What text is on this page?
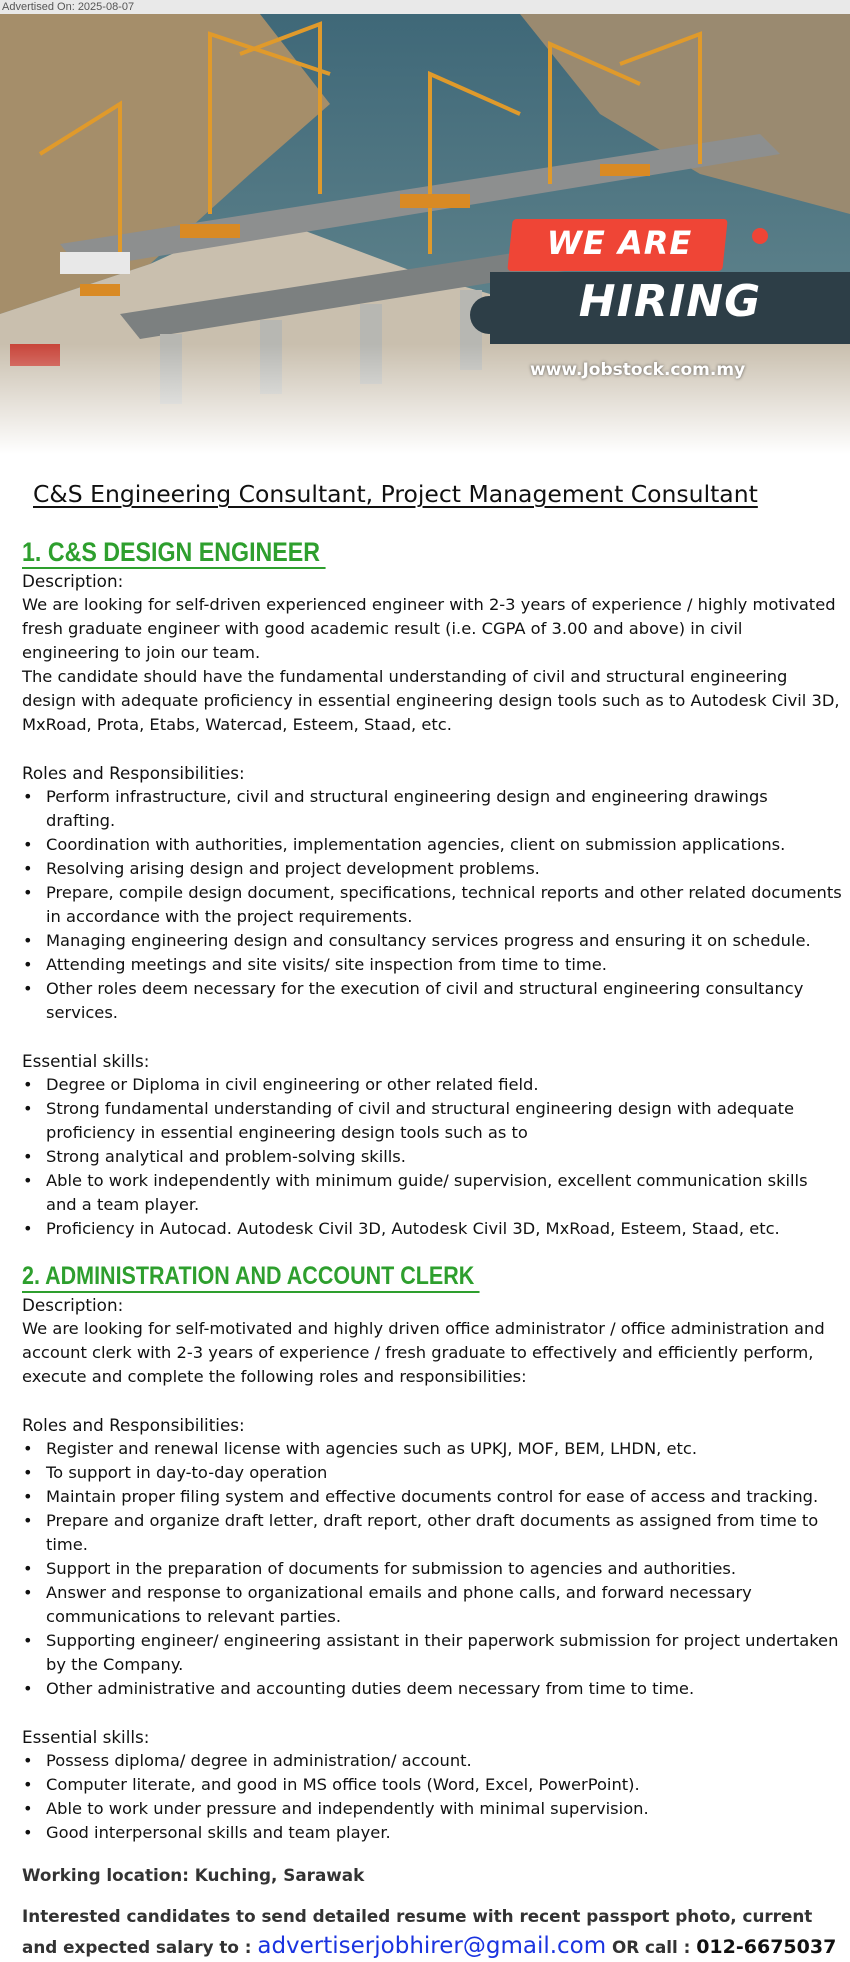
Advertised On: 2025-08-07
WE ARE
HIRING
www.Jobstock.com.my
C&S Engineering Consultant, Project Management Consultant
1. C&S DESIGN ENGINEER
Description:

We are looking for self-driven experienced engineer with 2-3 years of experience / highly motivated fresh graduate engineer with good academic result (i.e. CGPA of 3.00 and above) in civil engineering to join our team.

The candidate should have the fundamental understanding of civil and structural engineering design with adequate proficiency in essential engineering design tools such as to Autodesk Civil 3D, MxRoad, Prota, Etabs, Watercad, Esteem, Staad, etc.

Roles and Responsibilities:
• Perform infrastructure, civil and structural engineering design and engineering drawings drafting.
• Coordination with authorities, implementation agencies, client on submission applications.
• Resolving arising design and project development problems.
• Prepare, compile design document, specifications, technical reports and other related documents in accordance with the project requirements.
• Managing engineering design and consultancy services progress and ensuring it on schedule.
• Attending meetings and site visits/ site inspection from time to time.
• Other roles deem necessary for the execution of civil and structural engineering consultancy services.
Essential skills:
• Degree or Diploma in civil engineering or other related field.
• Strong fundamental understanding of civil and structural engineering design with adequate proficiency in essential engineering design tools such as to
• Strong analytical and problem-solving skills.
• Able to work independently with minimum guide/ supervision, excellent communication skills and a team player.
• Proficiency in Autocad. Autodesk Civil 3D, Autodesk Civil 3D, MxRoad, Esteem, Staad, etc.
2. ADMINISTRATION AND ACCOUNT CLERK
Description:

We are looking for self-motivated and highly driven office administrator / office administration and account clerk with 2-3 years of experience / fresh graduate to effectively and efficiently perform, execute and complete the following roles and responsibilities:

Roles and Responsibilities:
• Register and renewal license with agencies such as UPKJ, MOF, BEM, LHDN, etc.
• To support in day-to-day operation
• Maintain proper filing system and effective documents control for ease of access and tracking.
• Prepare and organize draft letter, draft report, other draft documents as assigned from time to time.
• Support in the preparation of documents for submission to agencies and authorities.
• Answer and response to organizational emails and phone calls, and forward necessary communications to relevant parties.
• Supporting engineer/ engineering assistant in their paperwork submission for project undertaken by the Company.
• Other administrative and accounting duties deem necessary from time to time.
Essential skills:
• Possess diploma/ degree in administration/ account.
• Computer literate, and good in MS office tools (Word, Excel, PowerPoint).
• Able to work under pressure and independently with minimal supervision.
• Good interpersonal skills and team player.
Working location: Kuching, Sarawak
Interested candidates to send detailed resume with recent passport photo, current and expected salary to : advertiserjobhirer@gmail.com OR call : 012-6675037
